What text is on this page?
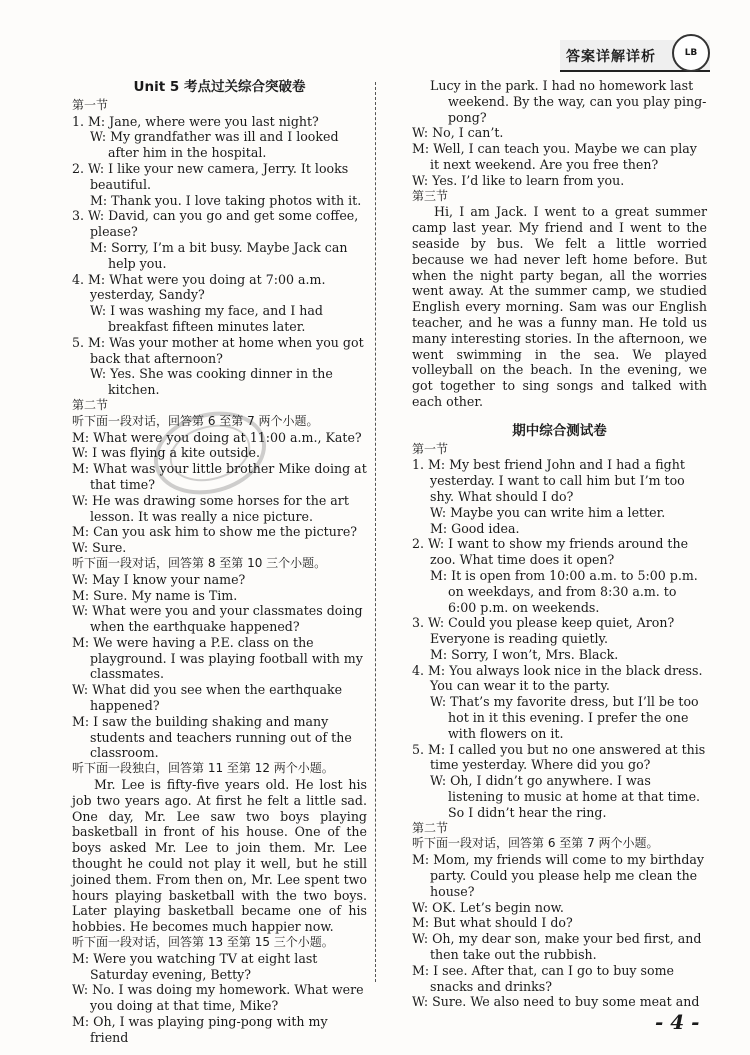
答案详解详析	LB
Unit 5 考点过关综合突破卷
第一节
1. M: Jane, where were you last night?
W: My grandfather was ill and I looked after him in the hospital.
2. W: I like your new camera, Jerry. It looks beautiful.
M: Thank you. I love taking photos with it.
3. W: David, can you go and get some coffee, please?
M: Sorry, I’m a bit busy. Maybe Jack can help you.
4. M: What were you doing at 7:00 a.m. yesterday, Sandy?
W: I was washing my face, and I had breakfast fifteen minutes later.
5. M: Was your mother at home when you got back that afternoon?
W: Yes. She was cooking dinner in the kitchen.
第二节
听下面一段对话，回答第 6 至第 7 两个小题。
M: What were you doing at 11:00 a.m., Kate?
W: I was flying a kite outside.
M: What was your little brother Mike doing at that time?
W: He was drawing some horses for the art lesson. It was really a nice picture.
M: Can you ask him to show me the picture?
W: Sure.
听下面一段对话，回答第 8 至第 10 三个小题。
W: May I know your name?
M: Sure. My name is Tim.
W: What were you and your classmates doing when the earthquake happened?
M: We were having a P.E. class on the playground. I was playing football with my classmates.
W: What did you see when the earthquake happened?
M: I saw the building shaking and many students and teachers running out of the classroom.
听下面一段独白，回答第 11 至第 12 两个小题。
Mr. Lee is fifty-five years old. He lost his job two years ago. At first he felt a little sad. One day, Mr. Lee saw two boys playing basketball in front of his house. One of the boys asked Mr. Lee to join them. Mr. Lee thought he could not play it well, but he still joined them. From then on, Mr. Lee spent two hours playing basketball with the two boys. Later playing basketball became one of his hobbies. He becomes much happier now.
听下面一段对话，回答第 13 至第 15 三个小题。
M: Were you watching TV at eight last Saturday evening, Betty?
W: No. I was doing my homework. What were you doing at that time, Mike?
M: Oh, I was playing ping-pong with my friend
Lucy in the park. I had no homework last weekend. By the way, can you play ping-pong?
W: No, I can’t.
M: Well, I can teach you. Maybe we can play it next weekend. Are you free then?
W: Yes. I’d like to learn from you.
第三节
Hi, I am Jack. I went to a great summer camp last year. My friend and I went to the seaside by bus. We felt a little worried because we had never left home before. But when the night party began, all the worries went away. At the summer camp, we studied English every morning. Sam was our English teacher, and he was a funny man. He told us many interesting stories. In the afternoon, we went swimming in the sea. We played volleyball on the beach. In the evening, we got together to sing songs and talked with each other.
期中综合测试卷
第一节
1. M: My best friend John and I had a fight yesterday. I want to call him but I’m too shy. What should I do?
W: Maybe you can write him a letter.
M: Good idea.
2. W: I want to show my friends around the zoo. What time does it open?
M: It is open from 10:00 a.m. to 5:00 p.m. on weekdays, and from 8:30 a.m. to 6:00 p.m. on weekends.
3. W: Could you please keep quiet, Aron? Everyone is reading quietly.
M: Sorry, I won’t, Mrs. Black.
4. M: You always look nice in the black dress. You can wear it to the party.
W: That’s my favorite dress, but I’ll be too hot in it this evening. I prefer the one with flowers on it.
5. M: I called you but no one answered at this time yesterday. Where did you go?
W: Oh, I didn’t go anywhere. I was listening to music at home at that time. So I didn’t hear the ring.
第二节
听下面一段对话，回答第 6 至第 7 两个小题。
M: Mom, my friends will come to my birthday party. Could you please help me clean the house?
W: OK. Let’s begin now.
M: But what should I do?
W: Oh, my dear son, make your bed first, and then take out the rubbish.
M: I see. After that, can I go to buy some snacks and drinks?
W: Sure. We also need to buy some meat and
- 4 -
